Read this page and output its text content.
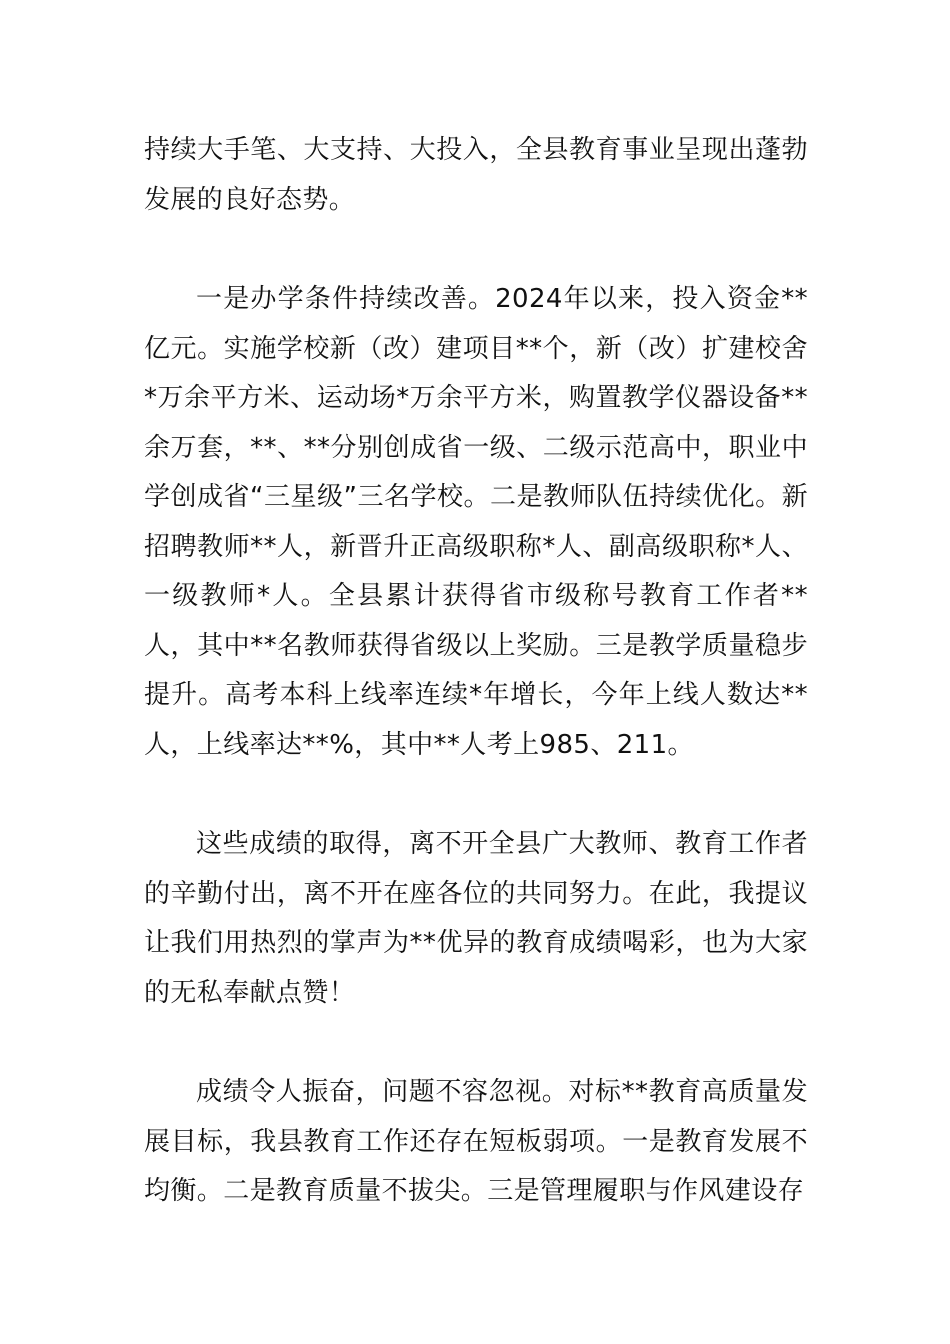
持续大手笔、大支持、大投入，全县教育事业呈现出蓬勃发展的良好态势。

一是办学条件持续改善。2024年以来，投入资金**亿元。实施学校新（改）建项目**个，新（改）扩建校舍*万余平方米、运动场*万余平方米，购置教学仪器设备**余万套，**、**分别创成省一级、二级示范高中，职业中学创成省“三星级”三名学校。二是教师队伍持续优化。新招聘教师**人，新晋升正高级职称*人、副高级职称*人、一级教师*人。全县累计获得省市级称号教育工作者**人，其中**名教师获得省级以上奖励。三是教学质量稳步提升。高考本科上线率连续*年增长，今年上线人数达**人，上线率达**%，其中**人考上985、211。

这些成绩的取得，离不开全县广大教师、教育工作者的辛勤付出，离不开在座各位的共同努力。在此，我提议让我们用热烈的掌声为**优异的教育成绩喝彩，也为大家的无私奉献点赞！

成绩令人振奋，问题不容忽视。对标**教育高质量发展目标，我县教育工作还存在短板弱项。一是教育发展不均衡。二是教育质量不拔尖。三是管理履职与作风建设存
